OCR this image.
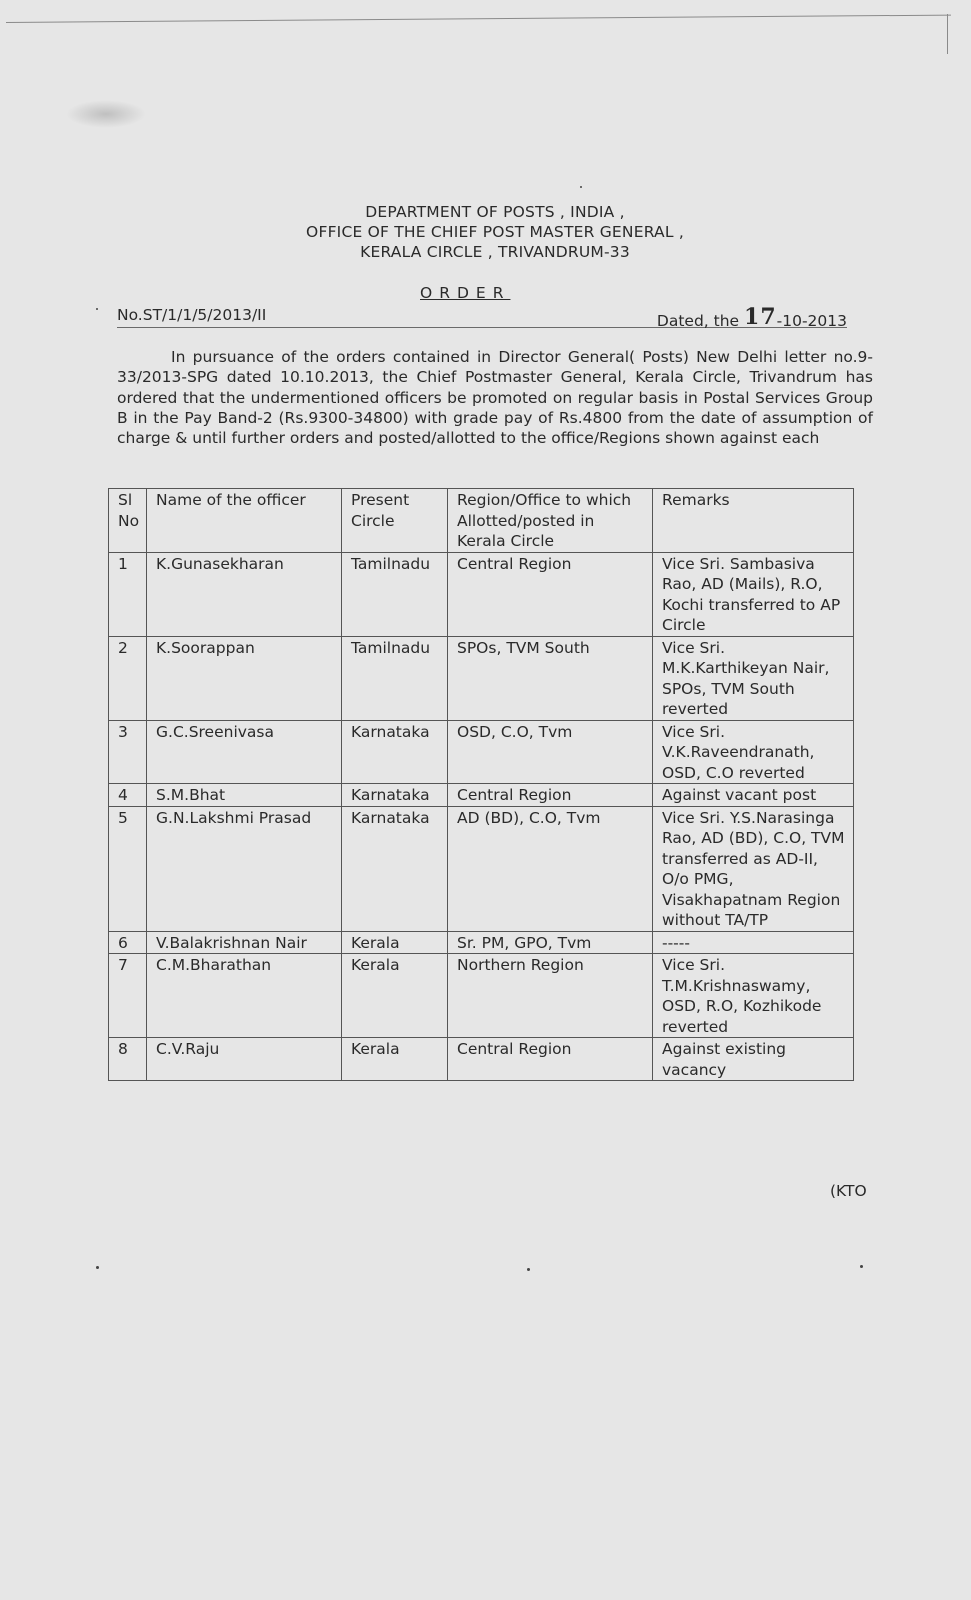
DEPARTMENT OF POSTS , INDIA ,
OFFICE OF THE CHIEF POST MASTER GENERAL ,
KERALA CIRCLE , TRIVANDRUM-33
ORDER
No.ST/1/1/5/2013/II	Dated, the 17-10-2013
In pursuance of the orders contained in Director General( Posts) New Delhi letter no.9-33/2013-SPG dated 10.10.2013, the Chief Postmaster General, Kerala Circle, Trivandrum has ordered that the undermentioned officers be promoted on regular basis in Postal Services Group B in the Pay Band-2 (Rs.9300-34800) with grade pay of Rs.4800 from the date of assumption of charge & until further orders and posted/allotted to the office/Regions shown against each
Sl No	Name of the officer	Present Circle	Region/Office to which Allotted/posted in Kerala Circle	Remarks
1	K.Gunasekharan	Tamilnadu	Central Region	Vice Sri. Sambasiva Rao, AD (Mails), R.O, Kochi transferred to AP Circle
2	K.Soorappan	Tamilnadu	SPOs, TVM South	Vice Sri. M.K.Karthikeyan Nair, SPOs, TVM South reverted
3	G.C.Sreenivasa	Karnataka	OSD, C.O, Tvm	Vice Sri. V.K.Raveendranath, OSD, C.O reverted
4	S.M.Bhat	Karnataka	Central Region	Against vacant post
5	G.N.Lakshmi Prasad	Karnataka	AD (BD), C.O, Tvm	Vice Sri. Y.S.Narasinga Rao, AD (BD), C.O, TVM transferred as AD-II, O/o PMG, Visakhapatnam Region without TA/TP
6	V.Balakrishnan Nair	Kerala	Sr. PM, GPO, Tvm	-----
7	C.M.Bharathan	Kerala	Northern Region	Vice Sri. T.M.Krishnaswamy, OSD, R.O, Kozhikode reverted
8	C.V.Raju	Kerala	Central Region	Against existing vacancy
(KTO
